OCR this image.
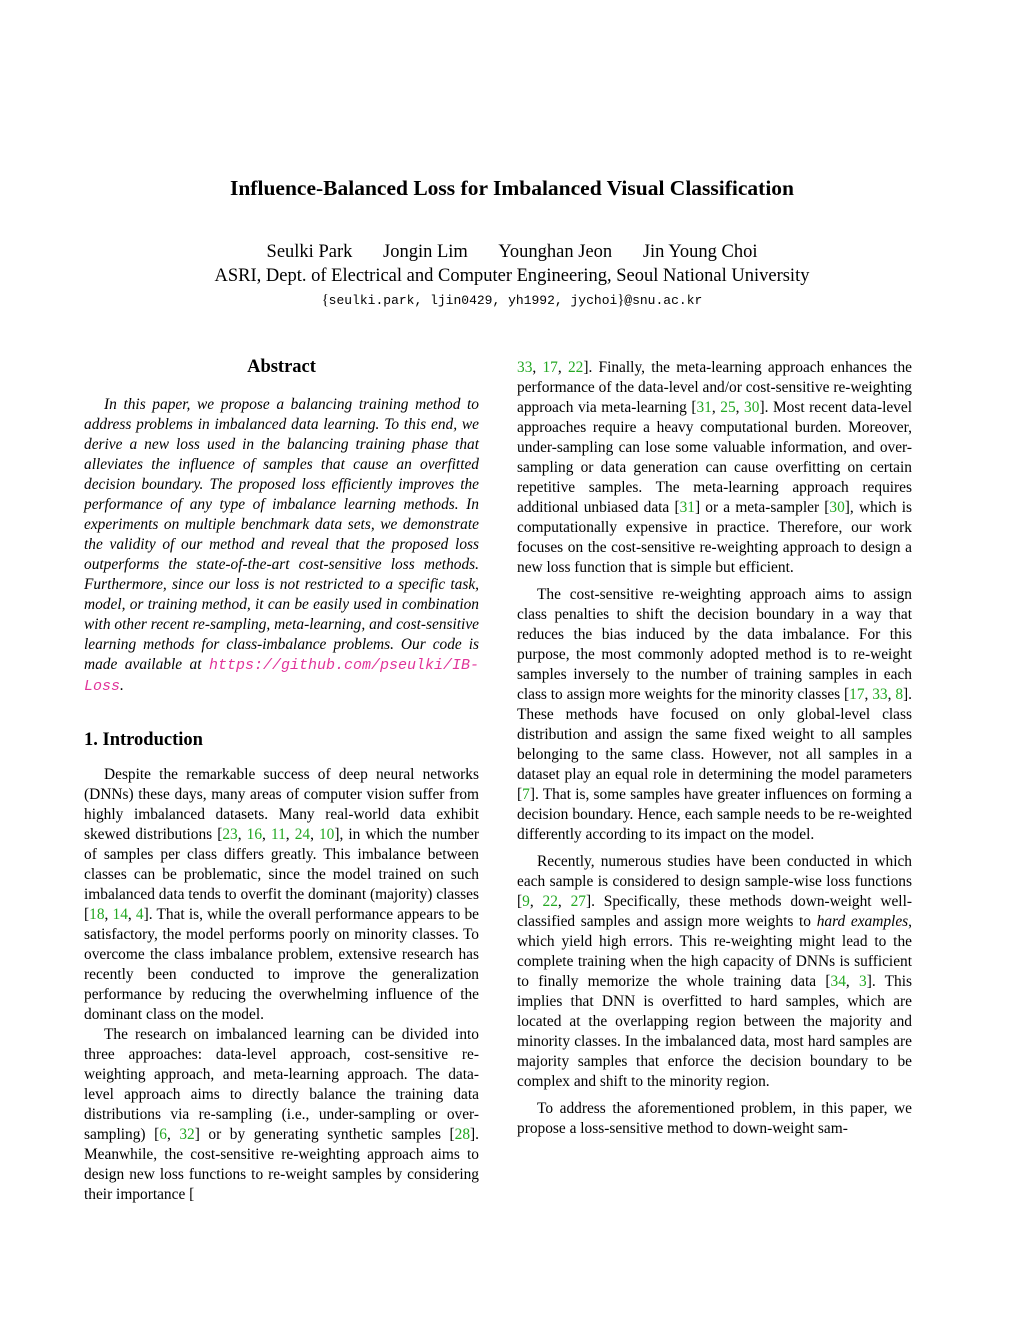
Influence-Balanced Loss for Imbalanced Visual Classification
Seulki Park Jongin Lim Younghan Jeon Jin Young Choi
ASRI, Dept. of Electrical and Computer Engineering, Seoul National University
{seulki.park, ljin0429, yh1992, jychoi}@snu.ac.kr
Abstract

In this paper, we propose a balancing training method to address problems in imbalanced data learning. To this end, we derive a new loss used in the balancing training phase that alleviates the influence of samples that cause an overfitted decision boundary. The proposed loss efficiently improves the performance of any type of imbalance learning methods. In experiments on multiple benchmark data sets, we demonstrate the validity of our method and reveal that the proposed loss outperforms the state-of-the-art cost-sensitive loss methods. Furthermore, since our loss is not restricted to a specific task, model, or training method, it can be easily used in combination with other recent re-sampling, meta-learning, and cost-sensitive learning methods for class-imbalance problems. Our code is made available at https://github.com/pseulki/IB-Loss.

1. Introduction

Despite the remarkable success of deep neural networks (DNNs) these days, many areas of computer vision suffer from highly imbalanced datasets. Many real-world data exhibit skewed distributions [23, 16, 11, 24, 10], in which the number of samples per class differs greatly. This imbalance between classes can be problematic, since the model trained on such imbalanced data tends to overfit the dominant (majority) classes [18, 14, 4]. That is, while the overall performance appears to be satisfactory, the model performs poorly on minority classes. To overcome the class imbalance problem, extensive research has recently been conducted to improve the generalization performance by reducing the overwhelming influence of the dominant class on the model.

The research on imbalanced learning can be divided into three approaches: data-level approach, cost-sensitive re-weighting approach, and meta-learning approach. The data-level approach aims to directly balance the training data distributions via re-sampling (i.e., under-sampling or over-sampling) [6, 32] or by generating synthetic samples [28]. Meanwhile, the cost-sensitive re-weighting approach aims to design new loss functions to re-weight samples by considering their importance [

33, 17, 22]. Finally, the meta-learning approach enhances the performance of the data-level and/or cost-sensitive re-weighting approach via meta-learning [31, 25, 30]. Most recent data-level approaches require a heavy computational burden. Moreover, under-sampling can lose some valuable information, and over-sampling or data generation can cause overfitting on certain repetitive samples. The meta-learning approach requires additional unbiased data [31] or a meta-sampler [30], which is computationally expensive in practice. Therefore, our work focuses on the cost-sensitive re-weighting approach to design a new loss function that is simple but efficient.

The cost-sensitive re-weighting approach aims to assign class penalties to shift the decision boundary in a way that reduces the bias induced by the data imbalance. For this purpose, the most commonly adopted method is to re-weight samples inversely to the number of training samples in each class to assign more weights for the minority classes [17, 33, 8]. These methods have focused on only global-level class distribution and assign the same fixed weight to all samples belonging to the same class. However, not all samples in a dataset play an equal role in determining the model parameters [7]. That is, some samples have greater influences on forming a decision boundary. Hence, each sample needs to be re-weighted differently according to its impact on the model.

Recently, numerous studies have been conducted in which each sample is considered to design sample-wise loss functions [9, 22, 27]. Specifically, these methods down-weight well-classified samples and assign more weights to hard examples, which yield high errors. This re-weighting might lead to the complete training when the high capacity of DNNs is sufficient to finally memorize the whole training data [34, 3]. This implies that DNN is overfitted to hard samples, which are located at the overlapping region between the majority and minority classes. In the imbalanced data, most hard samples are majority samples that enforce the decision boundary to be complex and shift to the minority region.

To address the aforementioned problem, in this paper, we propose a loss-sensitive method to down-weight sam-
